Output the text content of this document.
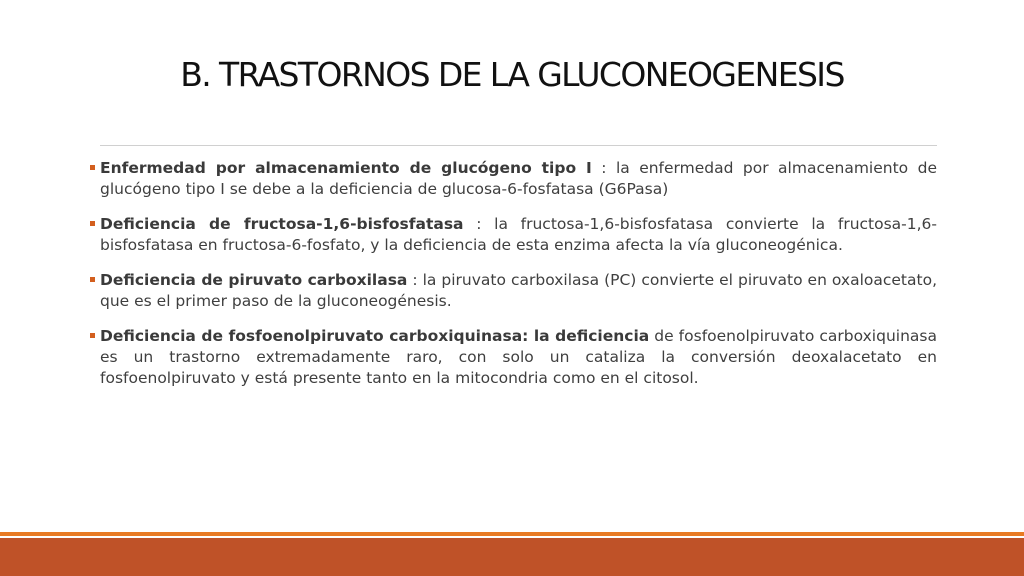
B. TRASTORNOS DE LA GLUCONEOGENESIS

Enfermedad por almacenamiento de glucógeno tipo I : la enfermedad por almacenamiento de glucógeno tipo I se debe a la deficiencia de glucosa-6-fosfatasa (G6Pasa)

Deficiencia de fructosa-1,6-bisfosfatasa : la fructosa-1,6-bisfosfatasa convierte la fructosa-1,6-bisfosfatasa en fructosa-6-fosfato, y la deficiencia de esta enzima afecta la vía gluconeogénica.

Deficiencia de piruvato carboxilasa : la piruvato carboxilasa (PC) convierte el piruvato en oxaloacetato, que es el primer paso de la gluconeogénesis.

Deficiencia de fosfoenolpiruvato carboxiquinasa: la deficiencia de fosfoenolpiruvato carboxiquinasa es un trastorno extremadamente raro, con solo un cataliza la conversión deoxalacetato en fosfoenolpiruvato y está presente tanto en la mitocondria como en el citosol.
